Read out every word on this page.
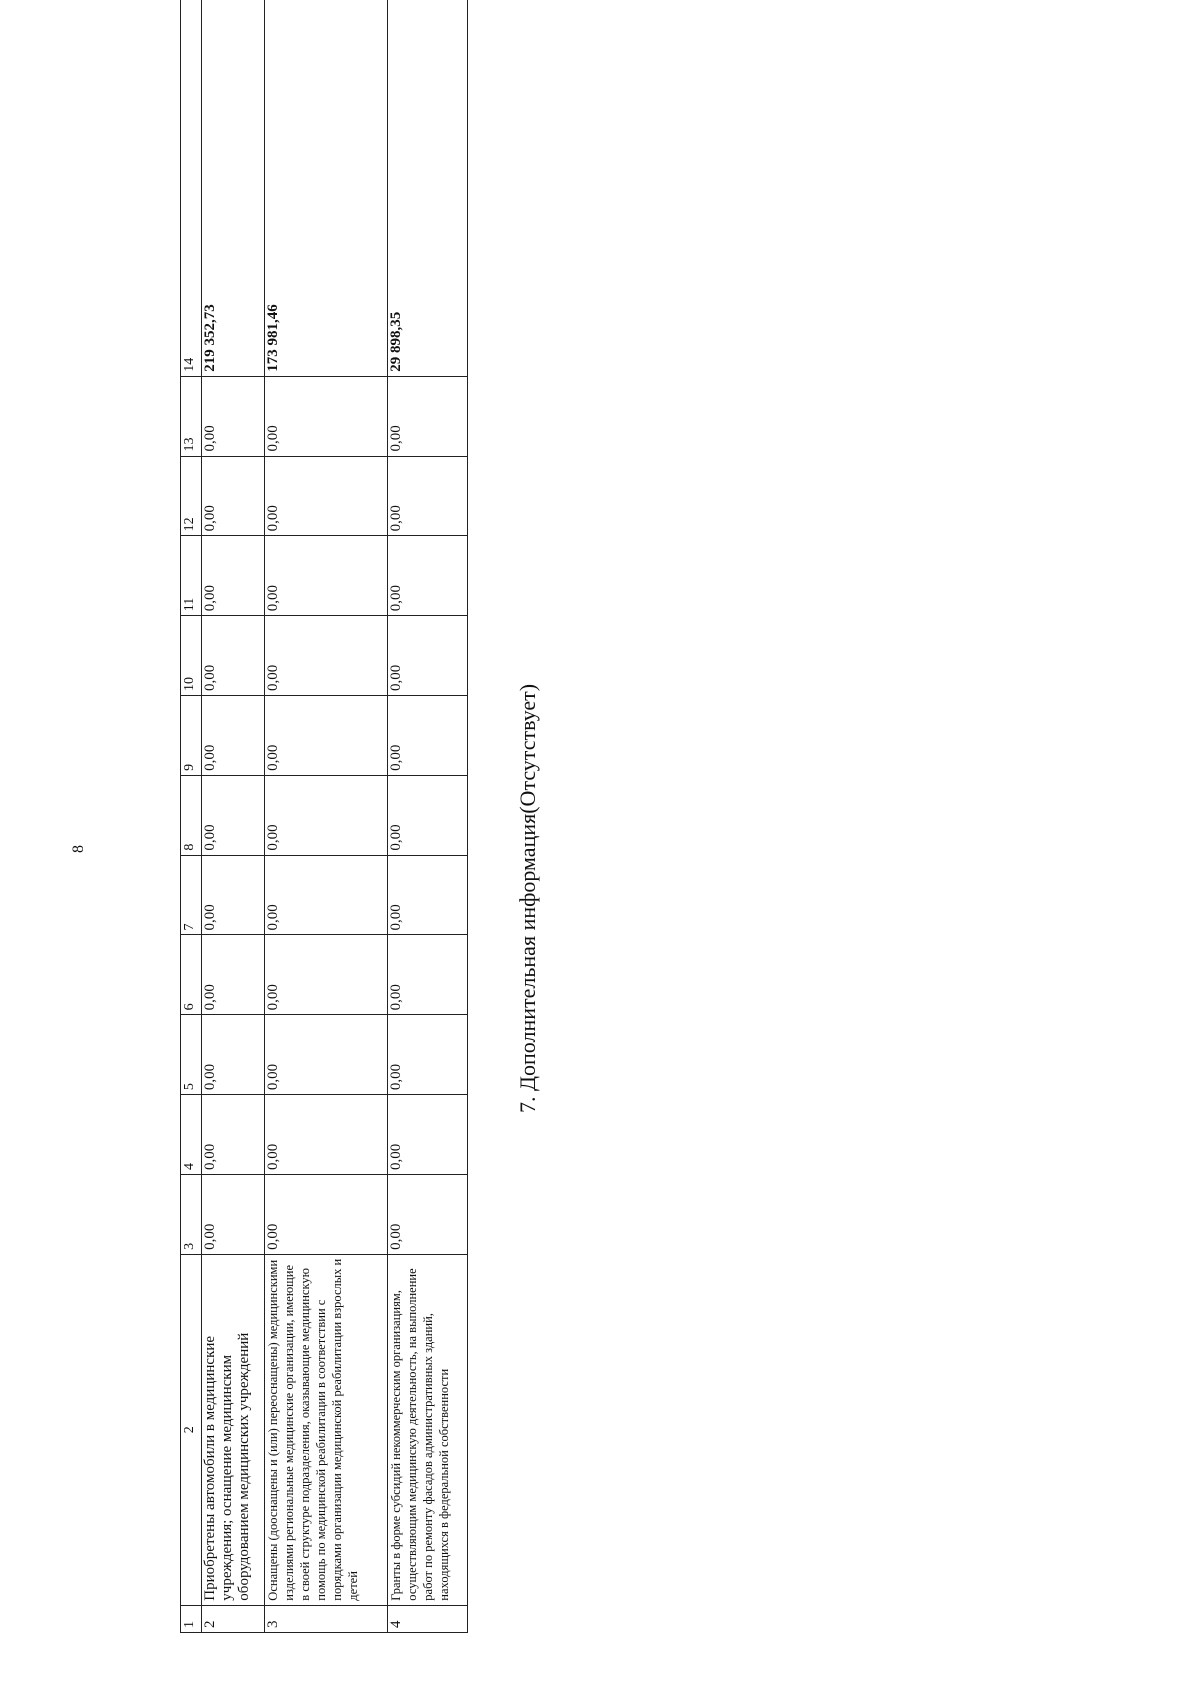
8
1	2	3	4	5	6	7	8	9	10	11	12	13	14
2	Приобретены автомобили в медицинские учреждения; оснащение медицинским оборудованием медицинских учреждений	0,00	0,00	0,00	0,00	0,00	0,00	0,00	0,00	0,00	0,00	0,00	219 352,73
3	Оснащены (дооснащены и (или) переоснащены) медицинскими изделиями региональные медицинские организации, имеющие в своей структуре подразделения, оказывающие медицинскую помощь по медицинской реабилитации в соответствии с порядками организации медицинской реабилитации взрослых и детей	0,00	0,00	0,00	0,00	0,00	0,00	0,00	0,00	0,00	0,00	0,00	173 981,46
4	Гранты в форме субсидий некоммерческим организациям, осуществляющим медицинскую деятельность, на выполнение работ по ремонту фасадов административных зданий, находящихся в федеральной собственности	0,00	0,00	0,00	0,00	0,00	0,00	0,00	0,00	0,00	0,00	0,00	29 898,35
7. Дополнительная информация(Отсутствует)
